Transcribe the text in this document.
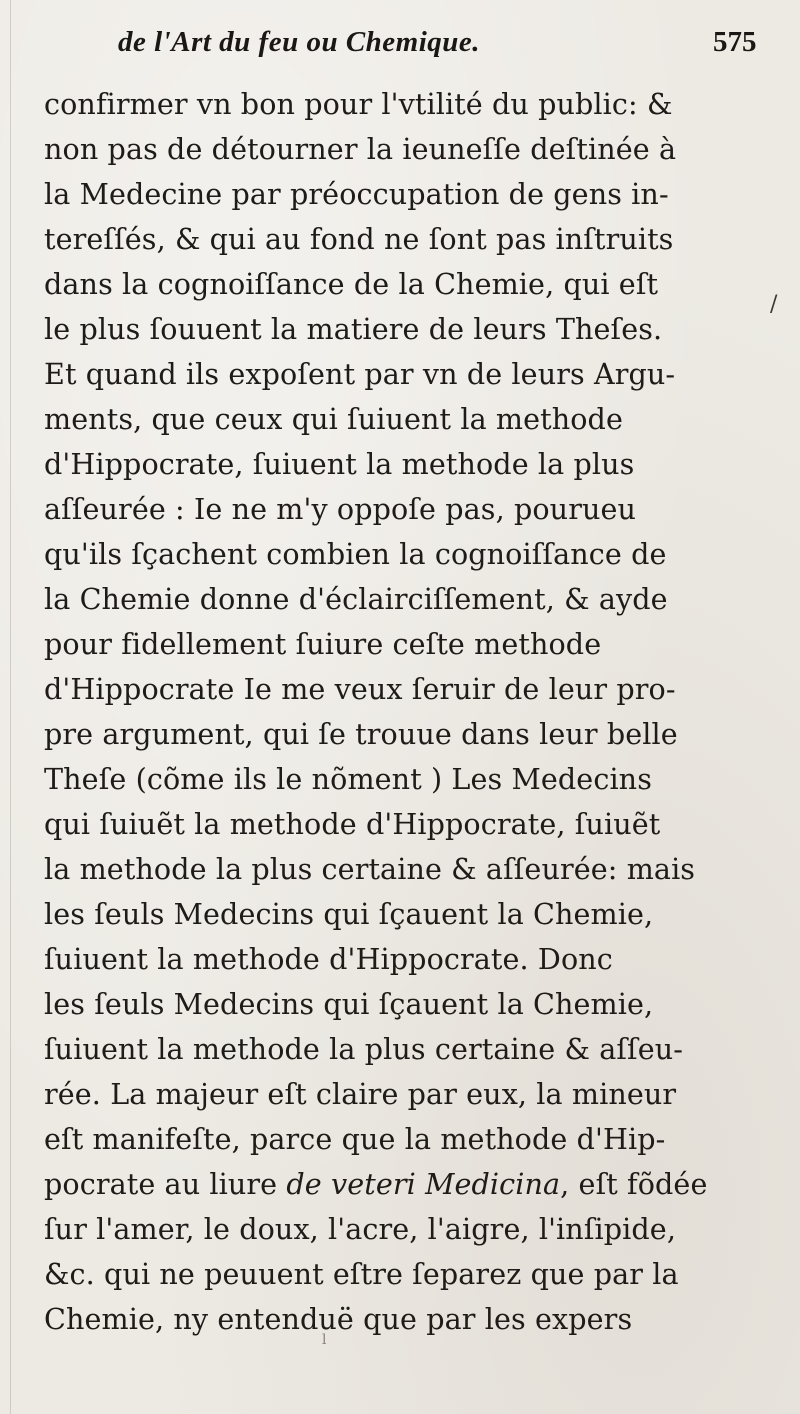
de l'Art du feu ou Chemique.	575
/
confirmer vn bon pour l'vtilité du public: &
non pas de détourner la ieuneſſe deſtinée à
la Medecine par préoccupation de gens in-
tereſſés, & qui au fond ne ſont pas inſtruits
dans la cognoiſſance de la Chemie, qui eſt
le plus ſouuent la matiere de leurs Theſes.
Et quand ils expoſent par vn de leurs Argu-
ments, que ceux qui ſuiuent la methode
d'Hippocrate, ſuiuent la methode la plus
aſſeurée : Ie ne m'y oppoſe pas, pourueu
qu'ils ſçachent combien la cognoiſſance de
la Chemie donne d'éclairciſſement, & ayde
pour fidellement ſuiure ceſte methode
d'Hippocrate Ie me veux ſeruir de leur pro-
pre argument, qui ſe trouue dans leur belle
Theſe (cõme ils le nõment ) Les Medecins
qui ſuiuẽt la methode d'Hippocrate, ſuiuẽt
la methode la plus certaine & aſſeurée: mais
les ſeuls Medecins qui ſçauent la Chemie,
ſuiuent la methode d'Hippocrate. Donc
les ſeuls Medecins qui ſçauent la Chemie,
ſuiuent la methode la plus certaine & aſſeu-
rée. La majeur eſt claire par eux, la mineur
eſt manifeſte, parce que la methode d'Hip-
pocrate au liure de veteri Medicina, eſt fõdée
ſur l'amer, le doux, l'acre, l'aigre, l'inſipide,
&c. qui ne peuuent eſtre ſeparez que par la
Chemie, ny entenduë que par les expers
l
